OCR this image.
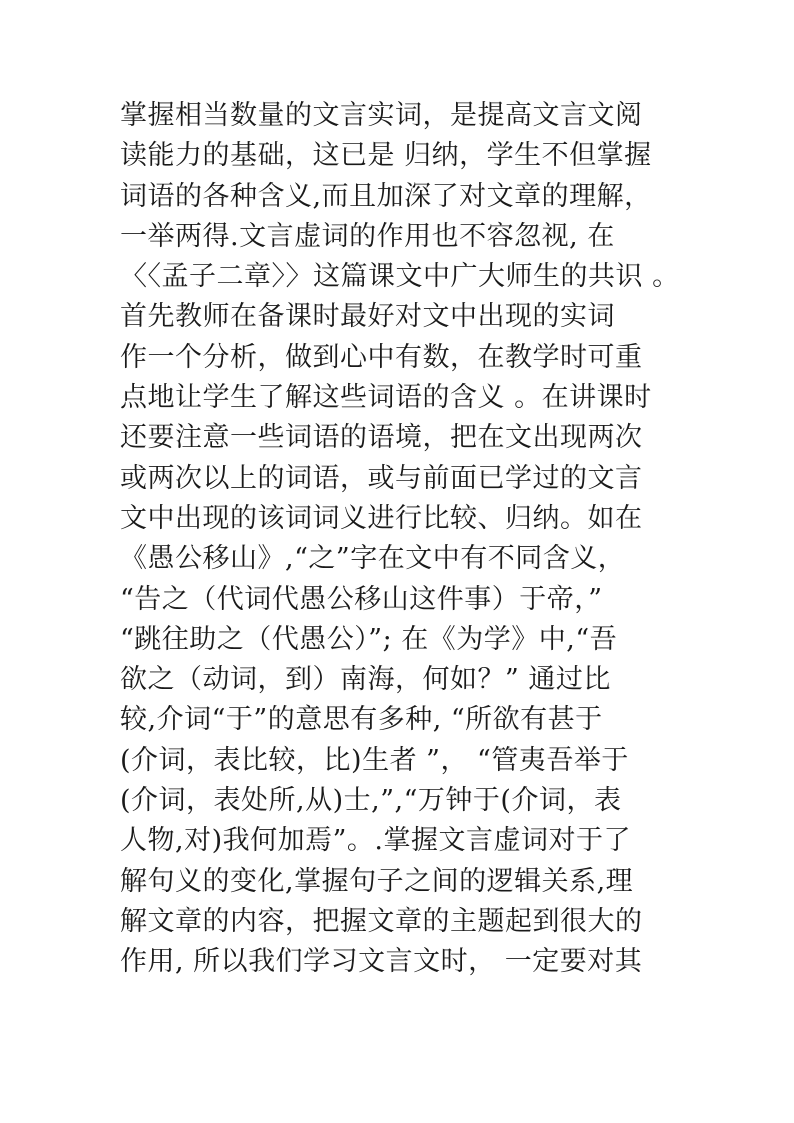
掌握相当数量的文言实词，是提高文言文阅
读能力的基础，这已是 归纳，学生不但掌握
词语的各种含义,而且加深了对文章的理解，
一举两得.文言虚词的作用也不容忽视, 在
〈〈孟子二章〉〉这篇课文中广大师生的共识 。
首先教师在备课时最好对文中出现的实词
作一个分析，做到心中有数，在教学时可重
点地让学生了解这些词语的含义 。在讲课时
还要注意一些词语的语境，把在文出现两次
或两次以上的词语，或与前面已学过的文言
文中出现的该词词义进行比较、归纳。如在
《愚公移山》,“之”字在文中有不同含义，
“告之（代词代愚公移山这件事）于帝，”
“跳往助之（代愚公）”; 在《为学》中,“吾
欲之（动词，到）南海，何如？” 通过比
较,介词“于”的意思有多种, “所欲有甚于
(介词，表比较，比)生者 ”， “管夷吾举于
(介词，表处所,从)士,”,“万钟于(介词，表
人物,对)我何加焉”。.掌握文言虚词对于了
解句义的变化,掌握句子之间的逻辑关系,理
解文章的内容，把握文章的主题起到很大的
作用, 所以我们学习文言文时， 一定要对其
